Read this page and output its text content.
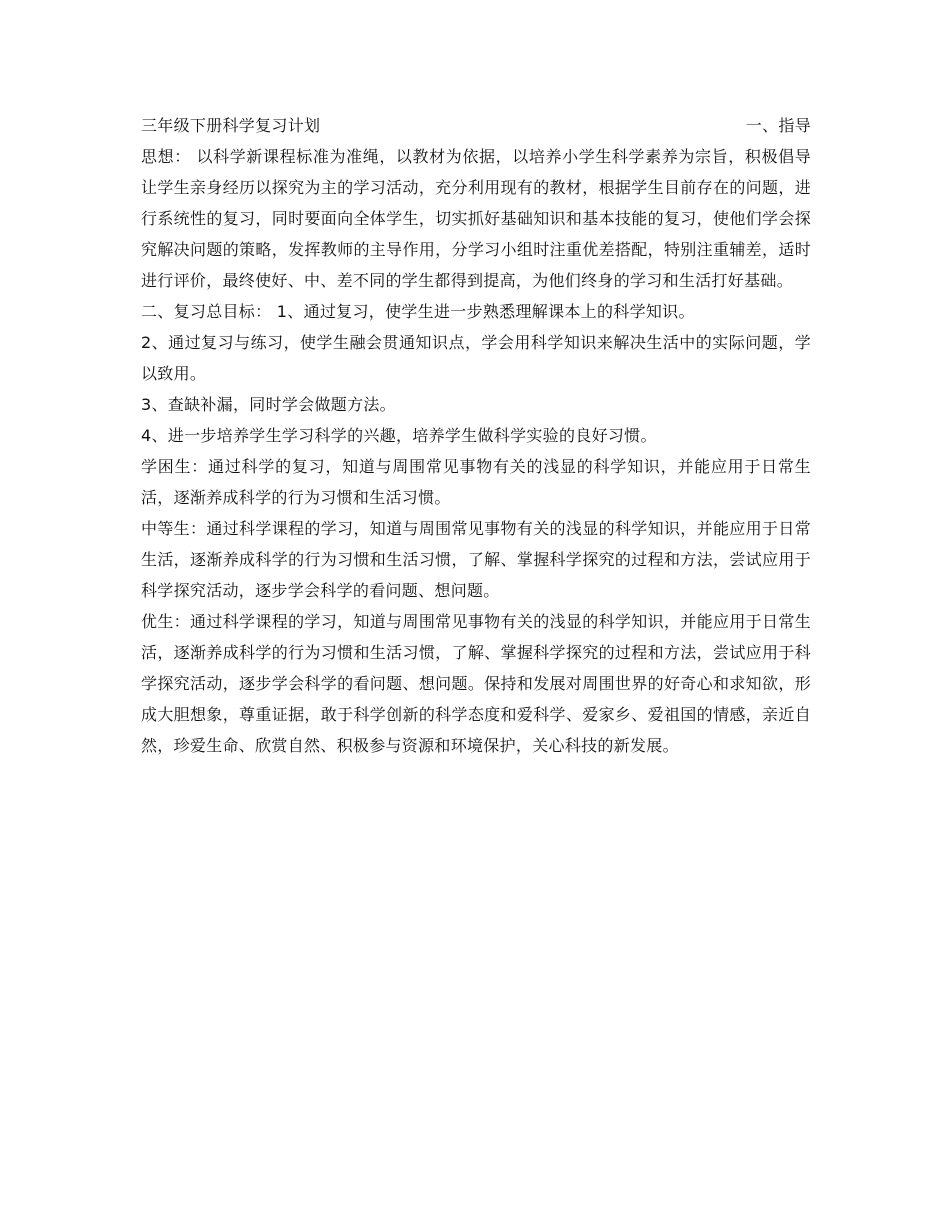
三年级下册科学复习计划	一、指导

思想： 以科学新课程标准为准绳，以教材为依据，以培养小学生科学素养为宗旨，积极倡导让学生亲身经历以探究为主的学习活动，充分利用现有的教材，根据学生目前存在的问题，进行系统性的复习，同时要面向全体学生，切实抓好基础知识和基本技能的复习，使他们学会探究解决问题的策略，发挥教师的主导作用，分学习小组时注重优差搭配，特别注重辅差，适时进行评价，最终使好、中、差不同的学生都得到提高，为他们终身的学习和生活打好基础。

二、复习总目标： 1、通过复习，使学生进一步熟悉理解课本上的科学知识。

2、通过复习与练习，使学生融会贯通知识点，学会用科学知识来解决生活中的实际问题，学以致用。

3、查缺补漏，同时学会做题方法。

4、进一步培养学生学习科学的兴趣，培养学生做科学实验的良好习惯。

学困生：通过科学的复习，知道与周围常见事物有关的浅显的科学知识，并能应用于日常生活，逐渐养成科学的行为习惯和生活习惯。

中等生：通过科学课程的学习，知道与周围常见事物有关的浅显的科学知识，并能应用于日常生活，逐渐养成科学的行为习惯和生活习惯，了解、掌握科学探究的过程和方法，尝试应用于科学探究活动，逐步学会科学的看问题、想问题。

优生：通过科学课程的学习，知道与周围常见事物有关的浅显的科学知识，并能应用于日常生活，逐渐养成科学的行为习惯和生活习惯，了解、掌握科学探究的过程和方法，尝试应用于科学探究活动，逐步学会科学的看问题、想问题。保持和发展对周围世界的好奇心和求知欲，形成大胆想象，尊重证据，敢于科学创新的科学态度和爱科学、爱家乡、爱祖国的情感，亲近自然，珍爱生命、欣赏自然、积极参与资源和环境保护，关心科技的新发展。
